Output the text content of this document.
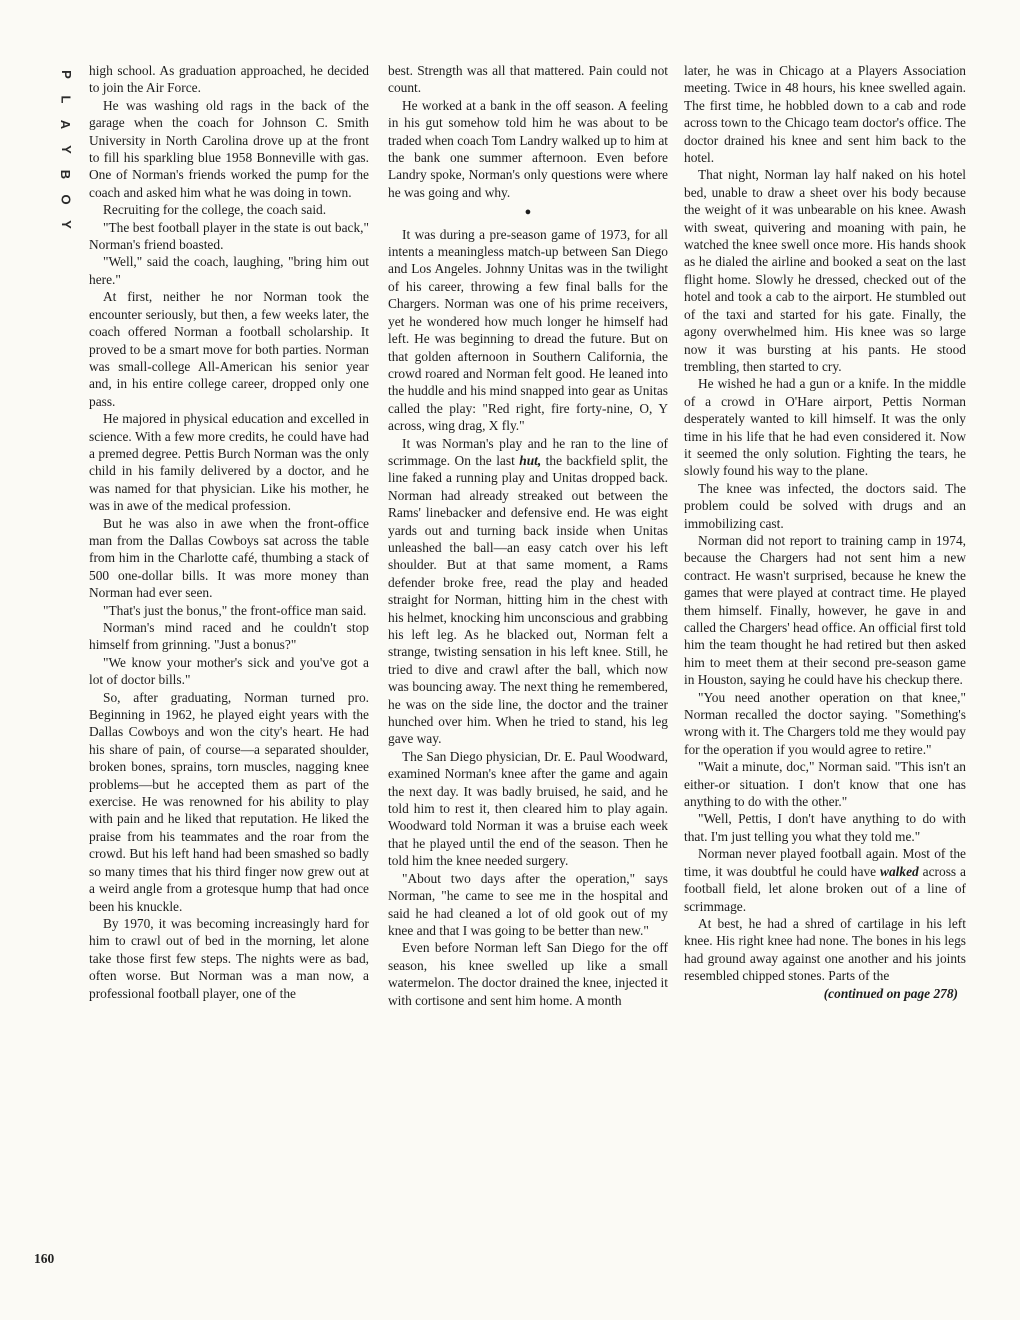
P
L
A
Y
B
O
Y
160

high school. As graduation approached, he decided to join the Air Force.

He was washing old rags in the back of the garage when the coach for Johnson C. Smith University in North Carolina drove up at the front to fill his sparkling blue 1958 Bonneville with gas. One of Norman's friends worked the pump for the coach and asked him what he was doing in town.

Recruiting for the college, the coach said.

"The best football player in the state is out back," Norman's friend boasted.

"Well," said the coach, laughing, "bring him out here."

At first, neither he nor Norman took the encounter seriously, but then, a few weeks later, the coach offered Norman a football scholarship. It proved to be a smart move for both parties. Norman was small-college All-American his senior year and, in his entire college career, dropped only one pass.

He majored in physical education and excelled in science. With a few more credits, he could have had a premed degree. Pettis Burch Norman was the only child in his family delivered by a doctor, and he was named for that physician. Like his mother, he was in awe of the medical profession.

But he was also in awe when the front-office man from the Dallas Cowboys sat across the table from him in the Charlotte café, thumbing a stack of 500 one-dollar bills. It was more money than Norman had ever seen.

"That's just the bonus," the front-office man said.

Norman's mind raced and he couldn't stop himself from grinning. "Just a bonus?"

"We know your mother's sick and you've got a lot of doctor bills."

So, after graduating, Norman turned pro. Beginning in 1962, he played eight years with the Dallas Cowboys and won the city's heart. He had his share of pain, of course—a separated shoulder, broken bones, sprains, torn muscles, nagging knee problems—but he accepted them as part of the exercise. He was renowned for his ability to play with pain and he liked that reputation. He liked the praise from his teammates and the roar from the crowd. But his left hand had been smashed so badly so many times that his third finger now grew out at a weird angle from a grotesque hump that had once been his knuckle.

By 1970, it was becoming increasingly hard for him to crawl out of bed in the morning, let alone take those first few steps. The nights were as bad, often worse. But Norman was a man now, a professional football player, one of the

best. Strength was all that mattered. Pain could not count.

He worked at a bank in the off season. A feeling in his gut somehow told him he was about to be traded when coach Tom Landry walked up to him at the bank one summer afternoon. Even before Landry spoke, Norman's only questions were where he was going and why.

●

It was during a pre-season game of 1973, for all intents a meaningless match-up between San Diego and Los Angeles. Johnny Unitas was in the twilight of his career, throwing a few final balls for the Chargers. Norman was one of his prime receivers, yet he wondered how much longer he himself had left. He was beginning to dread the future. But on that golden afternoon in Southern California, the crowd roared and Norman felt good. He leaned into the huddle and his mind snapped into gear as Unitas called the play: "Red right, fire forty-nine, O, Y across, wing drag, X fly."

It was Norman's play and he ran to the line of scrimmage. On the last hut, the backfield split, the line faked a running play and Unitas dropped back. Norman had already streaked out between the Rams' linebacker and defensive end. He was eight yards out and turning back inside when Unitas unleashed the ball—an easy catch over his left shoulder. But at that same moment, a Rams defender broke free, read the play and headed straight for Norman, hitting him in the chest with his helmet, knocking him unconscious and grabbing his left leg. As he blacked out, Norman felt a strange, twisting sensation in his left knee. Still, he tried to dive and crawl after the ball, which now was bouncing away. The next thing he remembered, he was on the side line, the doctor and the trainer hunched over him. When he tried to stand, his leg gave way.

The San Diego physician, Dr. E. Paul Woodward, examined Norman's knee after the game and again the next day. It was badly bruised, he said, and he told him to rest it, then cleared him to play again. Woodward told Norman it was a bruise each week that he played until the end of the season. Then he told him the knee needed surgery.

"About two days after the operation," says Norman, "he came to see me in the hospital and said he had cleaned a lot of old gook out of my knee and that I was going to be better than new."

Even before Norman left San Diego for the off season, his knee swelled up like a small watermelon. The doctor drained the knee, injected it with cortisone and sent him home. A month

later, he was in Chicago at a Players Association meeting. Twice in 48 hours, his knee swelled again. The first time, he hobbled down to a cab and rode across town to the Chicago team doctor's office. The doctor drained his knee and sent him back to the hotel.

That night, Norman lay half naked on his hotel bed, unable to draw a sheet over his body because the weight of it was unbearable on his knee. Awash with sweat, quivering and moaning with pain, he watched the knee swell once more. His hands shook as he dialed the airline and booked a seat on the last flight home. Slowly he dressed, checked out of the hotel and took a cab to the airport. He stumbled out of the taxi and started for his gate. Finally, the agony overwhelmed him. His knee was so large now it was bursting at his pants. He stood trembling, then started to cry.

He wished he had a gun or a knife. In the middle of a crowd in O'Hare airport, Pettis Norman desperately wanted to kill himself. It was the only time in his life that he had even considered it. Now it seemed the only solution. Fighting the tears, he slowly found his way to the plane.

The knee was infected, the doctors said. The problem could be solved with drugs and an immobilizing cast.

Norman did not report to training camp in 1974, because the Chargers had not sent him a new contract. He wasn't surprised, because he knew the games that were played at contract time. He played them himself. Finally, however, he gave in and called the Chargers' head office. An official first told him the team thought he had retired but then asked him to meet them at their second pre-season game in Houston, saying he could have his checkup there.

"You need another operation on that knee," Norman recalled the doctor saying. "Something's wrong with it. The Chargers told me they would pay for the operation if you would agree to retire."

"Wait a minute, doc," Norman said. "This isn't an either-or situation. I don't know that one has anything to do with the other."

"Well, Pettis, I don't have anything to do with that. I'm just telling you what they told me."

Norman never played football again. Most of the time, it was doubtful he could have walked across a football field, let alone broken out of a line of scrimmage.

At best, he had a shred of cartilage in his left knee. His right knee had none. The bones in his legs had ground away against one another and his joints resembled chipped stones. Parts of the

(continued on page 278)
